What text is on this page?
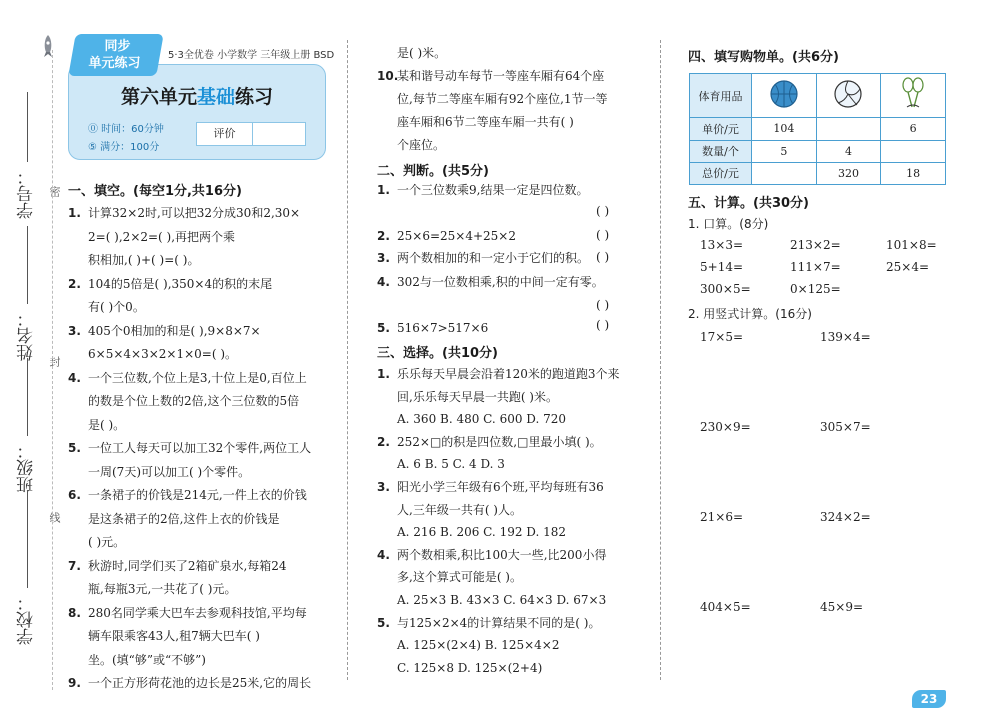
学号：
姓名：
班级：
学校：
密
封
线
同步
单元练习
5·3全优卷 小学数学 三年级上册 BSD
第六单元基础练习
⓪ 时间：60分钟
⑤ 满分：100分
评价
一、填空。(每空1分,共16分)
1. 计算32×2时,可以把32分成30和2,30×
2=( ),2×2=( ),再把两个乘
积相加,( )+( )=( )。
2. 104的5倍是( ),350×4的积的末尾
有( )个0。
3. 405个0相加的和是( ),9×8×7×
6×5×4×3×2×1×0=( )。
4. 一个三位数,个位上是3,十位上是0,百位上
的数是个位上数的2倍,这个三位数的5倍
是( )。
5. 一位工人每天可以加工32个零件,两位工人
一周(7天)可以加工( )个零件。
6. 一条裙子的价钱是214元,一件上衣的价钱
是这条裙子的2倍,这件上衣的价钱是
( )元。
7. 秋游时,同学们买了2箱矿泉水,每箱24
瓶,每瓶3元,一共花了( )元。
8. 280名同学乘大巴车去参观科技馆,平均每
辆车限乘客43人,租7辆大巴车( )
坐。(填“够”或“不够”)
9. 一个正方形荷花池的边长是25米,它的周长
是( )米。
10.某和谐号动车每节一等座车厢有64个座
位,每节二等座车厢有92个座位,1节一等
座车厢和6节二等座车厢一共有( )
个座位。
二、判断。(共5分)
1. 一个三位数乘9,结果一定是四位数。
2. 25×6=25×4+25×2
3. 两个数相加的和一定小于它们的积。
4. 302与一位数相乘,积的中间一定有零。
5. 516×7>517×6
( )
( )
( )
( )
( )
三、选择。(共10分)
1. 乐乐每天早晨会沿着120米的跑道跑3个来
回,乐乐每天早晨一共跑( )米。
A. 360 B. 480 C. 600 D. 720
2. 252×□的积是四位数,□里最小填( )。
A. 6 B. 5 C. 4 D. 3
3. 阳光小学三年级有6个班,平均每班有36
人,三年级一共有( )人。
A. 216 B. 206 C. 192 D. 182
4. 两个数相乘,积比100大一些,比200小得
多,这个算式可能是( )。
A. 25×3 B. 43×3 C. 64×3 D. 67×3
5. 与125×2×4的计算结果不同的是( )。
A. 125×(2×4) B. 125×4×2
C. 125×8 D. 125×(2+4)
四、填写购物单。(共6分)
体育用品			
单价/元	104		6
数量/个	5	4	
总价/元		320	18
五、计算。(共30分)
1. 口算。(8分)
13×3=	213×2=	101×8=
5+14=	111×7=	25×4=
300×5=	0×125=
2. 用竖式计算。(16分)
17×5=	139×4=
230×9=	305×7=
21×6=	324×2=
404×5=	45×9=
23
